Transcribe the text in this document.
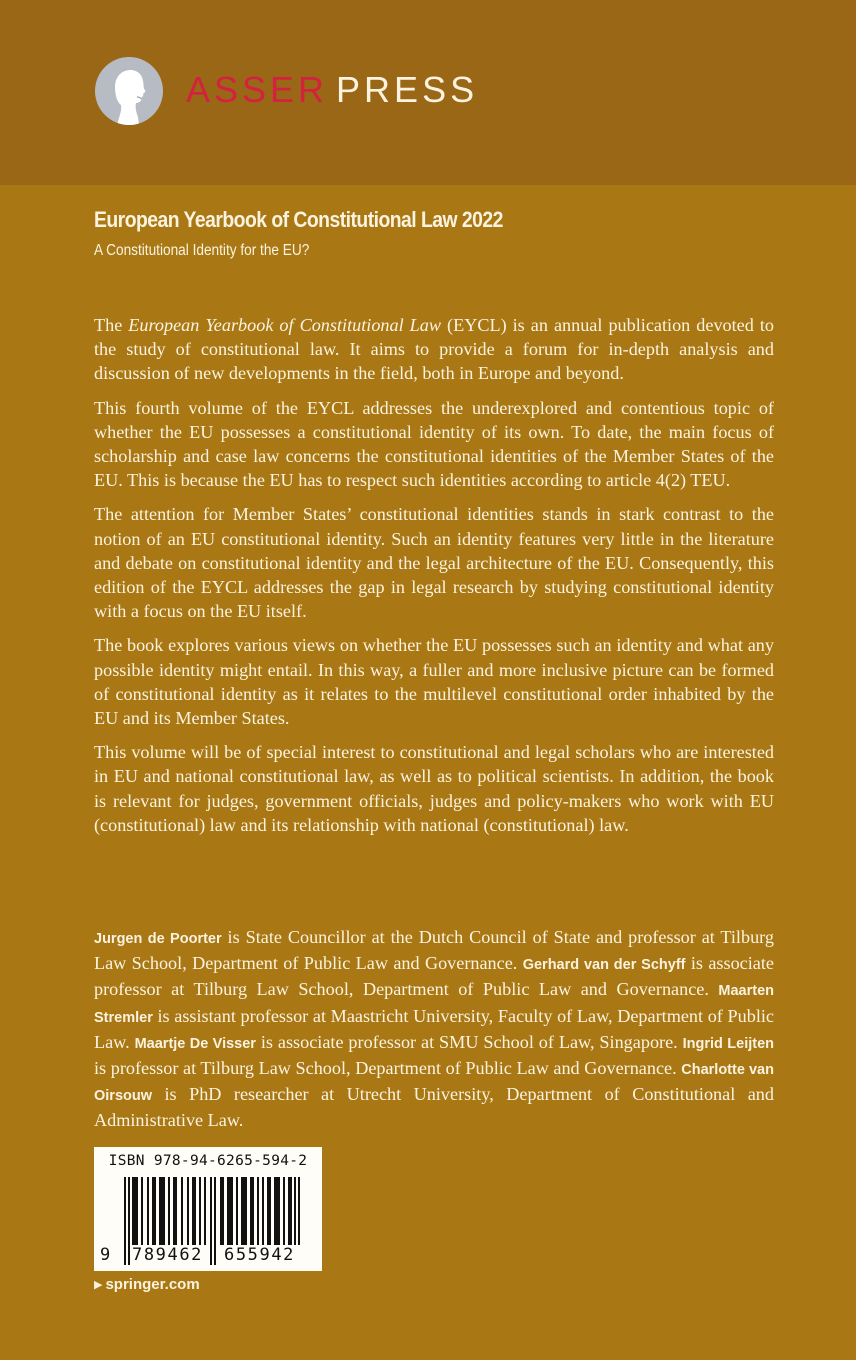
ASSER PRESS
European Yearbook of Constitutional Law 2022
A Constitutional Identity for the EU?

The European Yearbook of Constitutional Law (EYCL) is an annual publication devoted to the study of constitutional law. It aims to provide a forum for in-depth analysis and discussion of new developments in the field, both in Europe and beyond.

This fourth volume of the EYCL addresses the underexplored and contentious topic of whether the EU possesses a constitutional identity of its own. To date, the main focus of scholarship and case law concerns the constitutional identities of the Member States of the EU. This is because the EU has to respect such identities according to article 4(2) TEU.

The attention for Member States’ constitutional identities stands in stark contrast to the notion of an EU constitutional identity. Such an identity features very little in the literature and debate on constitutional identity and the legal architecture of the EU. Consequently, this edition of the EYCL addresses the gap in legal research by studying constitutional identity with a focus on the EU itself.

The book explores various views on whether the EU possesses such an identity and what any possible identity might entail. In this way, a fuller and more inclusive picture can be formed of constitutional identity as it relates to the multilevel constitutional order inhabited by the EU and its Member States.

This volume will be of special interest to constitutional and legal scholars who are interested in EU and national constitutional law, as well as to political scientists. In addition, the book is relevant for judges, government officials, judges and policy-makers who work with EU (constitutional) law and its relationship with national (constitutional) law.

Jurgen de Poorter is State Councillor at the Dutch Council of State and professor at Tilburg Law School, Department of Public Law and Governance. Gerhard van der Schyff is associate professor at Tilburg Law School, Department of Public Law and Governance. Maarten Stremler is assistant professor at Maastricht University, Faculty of Law, Department of Public Law. Maartje De Visser is associate professor at SMU School of Law, Singapore. Ingrid Leijten is professor at Tilburg Law School, Department of Public Law and Governance. Charlotte van Oirsouw is PhD researcher at Utrecht University, Department of Constitutional and Administrative Law.

ISBN 978-94-6265-594-2
9 789462 655942
▶ springer.com
